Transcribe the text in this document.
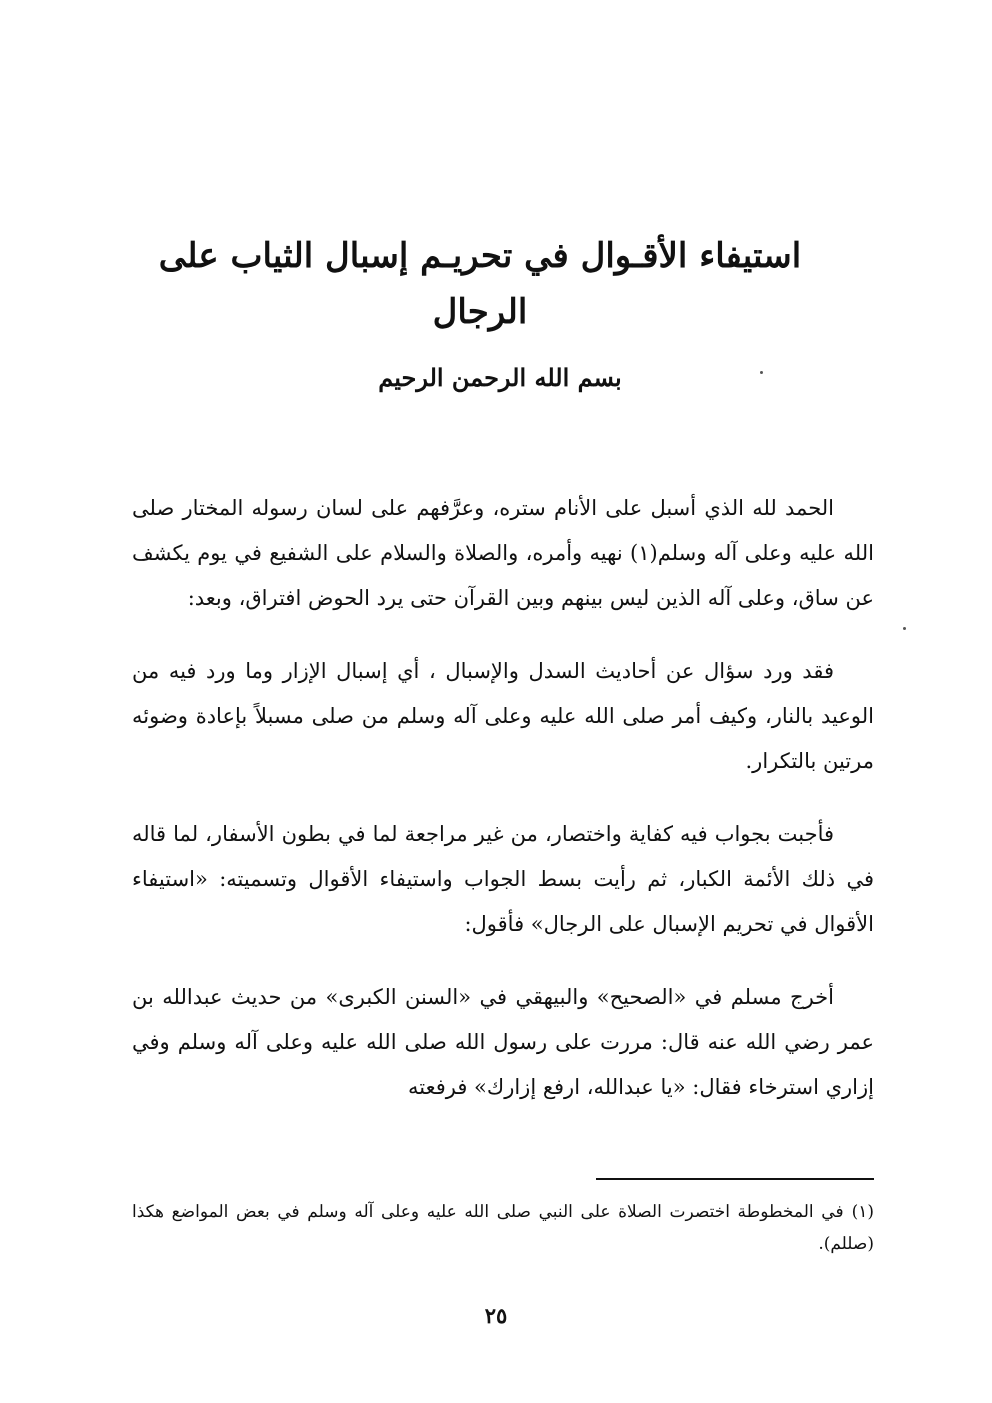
استيفاء الأقـوال في تحريـم إسبال الثياب على الرجال
بسم الله الرحمن الرحيم

الحمد لله الذي أسبل على الأنام ستره، وعرَّفهم على لسان رسوله المختار صلى الله عليه وعلى آله وسلم(١) نهيه وأمره، والصلاة والسلام على الشفيع في يوم يكشف عن ساق، وعلى آله الذين ليس بينهم وبين القرآن حتى يرد الحوض افتراق، وبعد:

فقد ورد سؤال عن أحاديث السدل والإسبال ، أي إسبال الإزار وما ورد فيه من الوعيد بالنار، وكيف أمر صلى الله عليه وعلى آله وسلم من صلى مسبلاً بإعادة وضوئه مرتين بالتكرار.

فأجبت بجواب فيه كفاية واختصار، من غير مراجعة لما في بطون الأسفار، لما قاله في ذلك الأئمة الكبار، ثم رأيت بسط الجواب واستيفاء الأقوال وتسميته: «استيفاء الأقوال في تحريم الإسبال على الرجال» فأقول:

أخرج مسلم في «الصحيح» والبيهقي في «السنن الكبرى» من حديث عبدالله بن عمر رضي الله عنه قال: مررت على رسول الله صلى الله عليه وعلى آله وسلم وفي إزاري استرخاء فقال: «يا عبدالله، ارفع إزارك» فرفعته

(١)في المخطوطة اختصرت الصلاة على النبي صلى الله عليه وعلى آله وسلم في بعض المواضع هكذا (صللم).

٢٥
